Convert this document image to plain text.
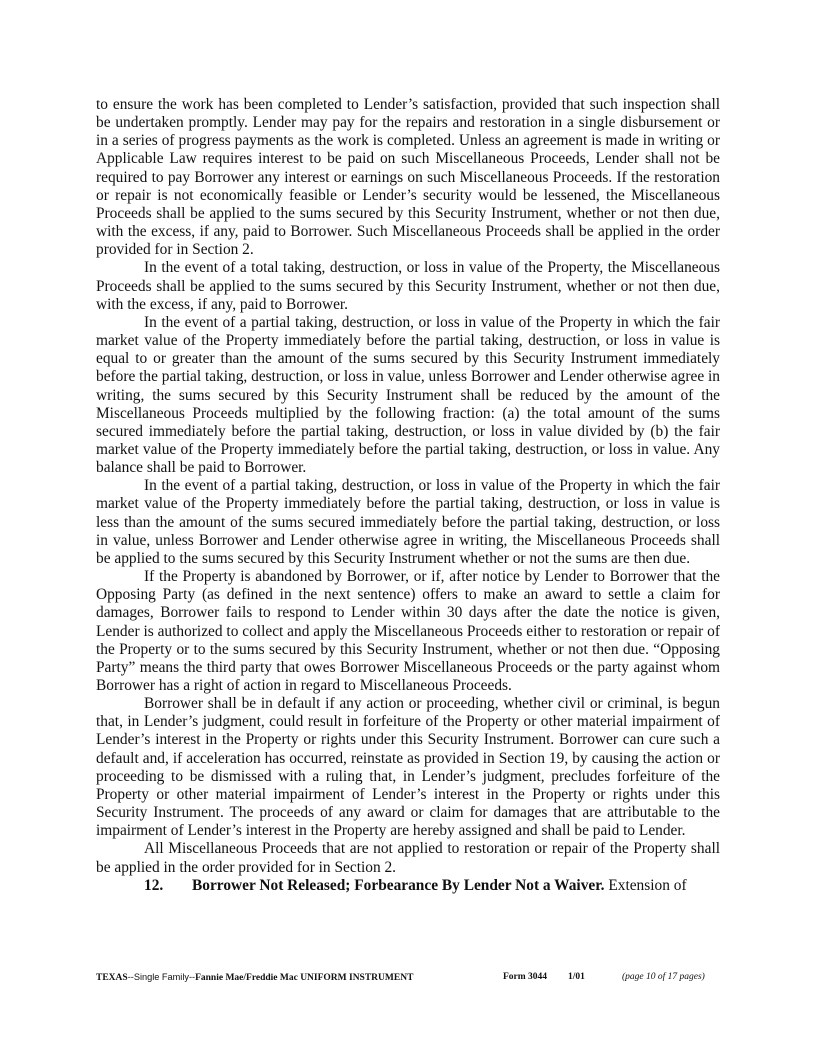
to ensure the work has been completed to Lender’s satisfaction, provided that such inspection shall be undertaken promptly. Lender may pay for the repairs and restoration in a single disbursement or in a series of progress payments as the work is completed. Unless an agreement is made in writing or Applicable Law requires interest to be paid on such Miscellaneous Proceeds, Lender shall not be required to pay Borrower any interest or earnings on such Miscellaneous Proceeds. If the restoration or repair is not economically feasible or Lender’s security would be lessened, the Miscellaneous Proceeds shall be applied to the sums secured by this Security Instrument, whether or not then due, with the excess, if any, paid to Borrower. Such Miscellaneous Proceeds shall be applied in the order provided for in Section 2.

In the event of a total taking, destruction, or loss in value of the Property, the Miscellaneous Proceeds shall be applied to the sums secured by this Security Instrument, whether or not then due, with the excess, if any, paid to Borrower.

In the event of a partial taking, destruction, or loss in value of the Property in which the fair market value of the Property immediately before the partial taking, destruction, or loss in value is equal to or greater than the amount of the sums secured by this Security Instrument immediately before the partial taking, destruction, or loss in value, unless Borrower and Lender otherwise agree in writing, the sums secured by this Security Instrument shall be reduced by the amount of the Miscellaneous Proceeds multiplied by the following fraction: (a) the total amount of the sums secured immediately before the partial taking, destruction, or loss in value divided by (b) the fair market value of the Property immediately before the partial taking, destruction, or loss in value. Any balance shall be paid to Borrower.

In the event of a partial taking, destruction, or loss in value of the Property in which the fair market value of the Property immediately before the partial taking, destruction, or loss in value is less than the amount of the sums secured immediately before the partial taking, destruction, or loss in value, unless Borrower and Lender otherwise agree in writing, the Miscellaneous Proceeds shall be applied to the sums secured by this Security Instrument whether or not the sums are then due.

If the Property is abandoned by Borrower, or if, after notice by Lender to Borrower that the Opposing Party (as defined in the next sentence) offers to make an award to settle a claim for damages, Borrower fails to respond to Lender within 30 days after the date the notice is given, Lender is authorized to collect and apply the Miscellaneous Proceeds either to restoration or repair of the Property or to the sums secured by this Security Instrument, whether or not then due. “Opposing Party” means the third party that owes Borrower Miscellaneous Proceeds or the party against whom Borrower has a right of action in regard to Miscellaneous Proceeds.

Borrower shall be in default if any action or proceeding, whether civil or criminal, is begun that, in Lender’s judgment, could result in forfeiture of the Property or other material impairment of Lender’s interest in the Property or rights under this Security Instrument. Borrower can cure such a default and, if acceleration has occurred, reinstate as provided in Section 19, by causing the action or proceeding to be dismissed with a ruling that, in Lender’s judgment, precludes forfeiture of the Property or other material impairment of Lender’s interest in the Property or rights under this Security Instrument. The proceeds of any award or claim for damages that are attributable to the impairment of Lender’s interest in the Property are hereby assigned and shall be paid to Lender.

All Miscellaneous Proceeds that are not applied to restoration or repair of the Property shall be applied in the order provided for in Section 2.

12. Borrower Not Released; Forbearance By Lender Not a Waiver. Extension of

TEXAS--Single Family--Fannie Mae/Freddie Mac UNIFORM INSTRUMENT	Form 3044 1/01	(page 10 of 17 pages)
